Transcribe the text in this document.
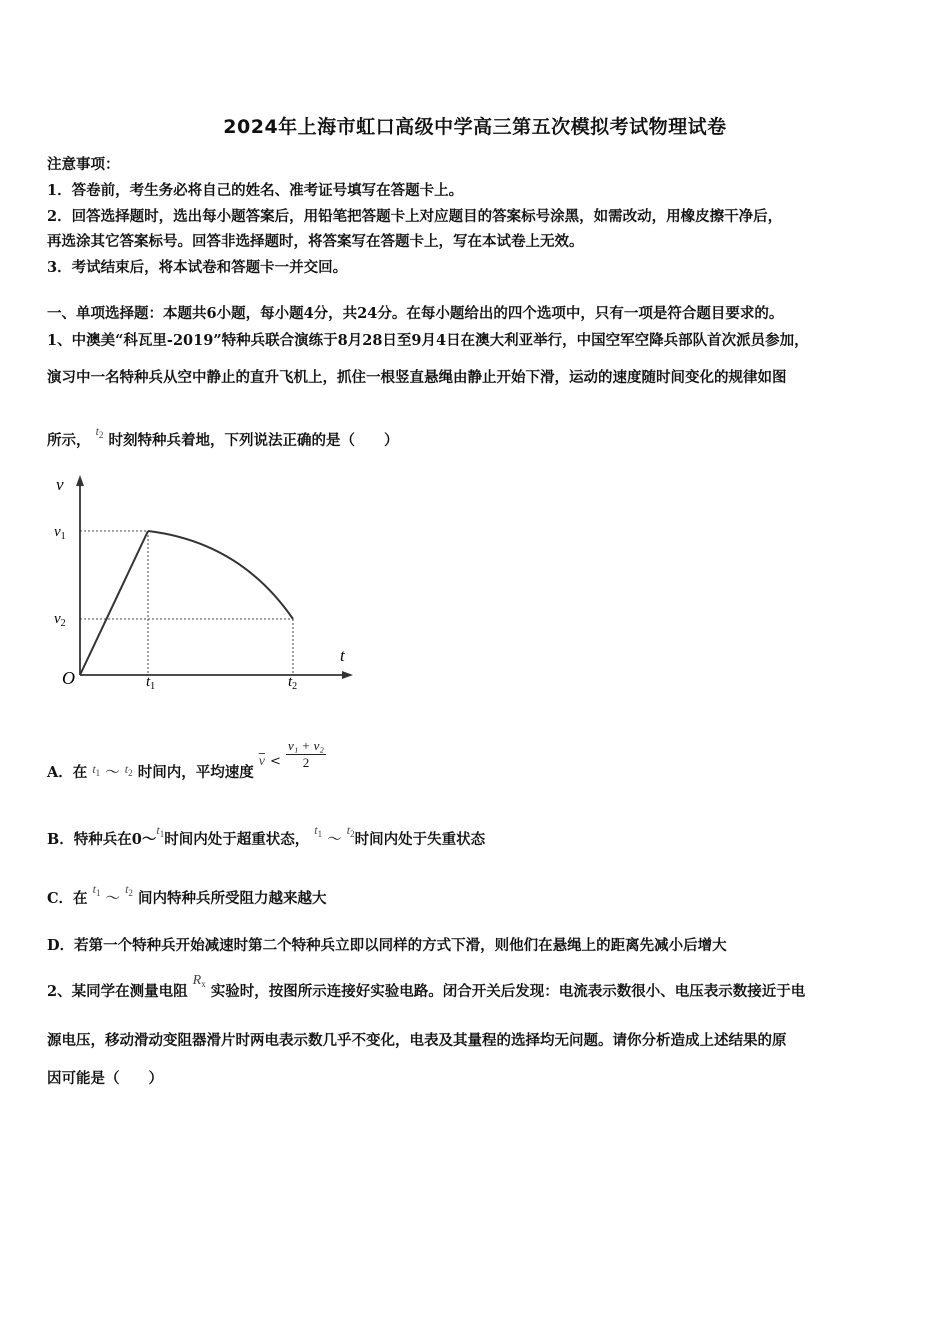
2024年上海市虹口高级中学高三第五次模拟考试物理试卷
注意事项：
1．答卷前，考生务必将自己的姓名、准考证号填写在答题卡上。
2．回答选择题时，选出每小题答案后，用铅笔把答题卡上对应题目的答案标号涂黑，如需改动，用橡皮擦干净后，
再选涂其它答案标号。回答非选择题时，将答案写在答题卡上，写在本试卷上无效。
3．考试结束后，将本试卷和答题卡一并交回。
一、单项选择题：本题共6小题，每小题4分，共24分。在每小题给出的四个选项中，只有一项是符合题目要求的。
1、中澳美“科瓦里-2019”特种兵联合演练于8月28日至9月4日在澳大利亚举行，中国空军空降兵部队首次派员参加，
演习中一名特种兵从空中静止的直升飞机上，抓住一根竖直悬绳由静止开始下滑，运动的速度随时间变化的规律如图
所示， $^{t_2}$ 时刻特种兵着地，下列说法正确的是（　　）
v
$v_1$
$v_2$
t
O	$t_1$	$t_2$
A．在 $_{t_1}$ ～ $_{t_2}$ 时间内，平均速度 $\overline{v} < \frac{\text{v₁ + v₂}}{2}$
B．特种兵在$0\sim t_1$时间内处于超重状态， $t_1$ ～ $t_2$时间内处于失重状态
C．在 $t_1$ ～ $t_2$ 间内特种兵所受阻力越来越大
D．若第一个特种兵开始减速时第二个特种兵立即以同样的方式下滑，则他们在悬绳上的距离先减小后增大
2、某同学在测量电阻 $R_x$ 实验时，按图所示连接好实验电路。闭合开关后发现：电流表示数很小、电压表示数接近于电
源电压，移动滑动变阻器滑片时两电表示数几乎不变化，电表及其量程的选择均无问题。请你分析造成上述结果的原
因可能是（　　）
